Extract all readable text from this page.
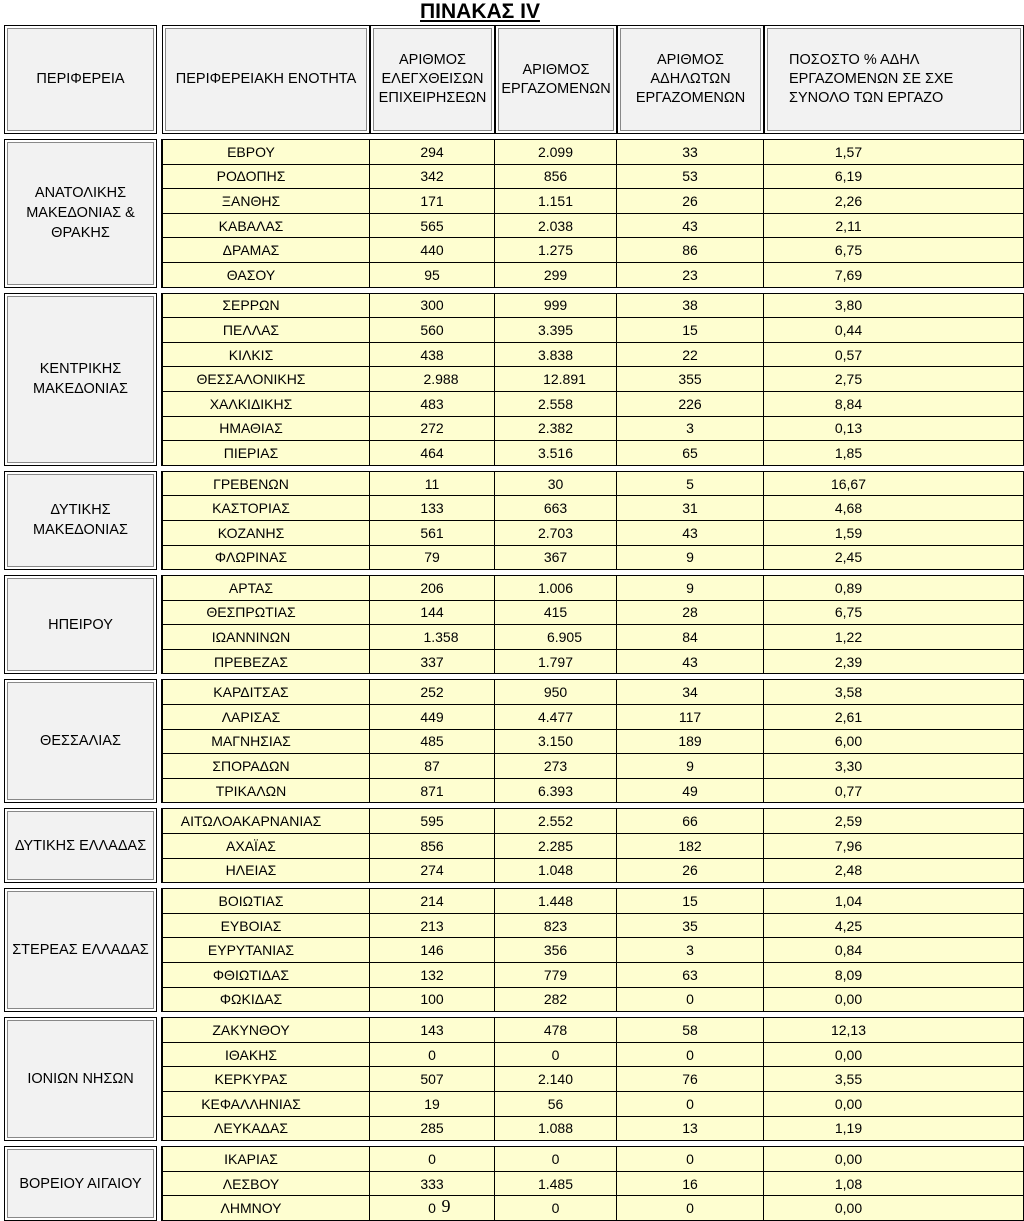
ΠΙΝΑΚΑΣ IV
ΠΕΡΙΦΕΡΕΙΑ		ΠΕΡΙΦΕΡΕΙΑΚΗ ΕΝΟΤΗΤΑ	ΑΡΙΘΜΟΣ ΕΛΕΓΧΘΕΙΣΩΝ ΕΠΙΧΕΙΡΗΣΕΩΝ	ΑΡΙΘΜΟΣ ΕΡΓΑΖΟΜΕΝΩΝ	ΑΡΙΘΜΟΣ ΑΔΗΛΩΤΩΝ ΕΡΓΑΖΟΜΕΝΩΝ	ΠΟΣΟΣΤΟ % ΑΔΗΛ
ΕΡΓΑΖΟΜΕΝΩΝ ΣΕ ΣΧΕ
ΣΥΝΟΛΟ ΤΩΝ ΕΡΓΑΖΟ

ΑΝΑΤΟΛΙΚΗΣ ΜΑΚΕΔΟΝΙΑΣ & ΘΡΑΚΗΣ		ΕΒΡΟΥ	294	2.099	33	1,57

		ΡΟΔΟΠΗΣ	342	856	53	6,19

		ΞΑΝΘΗΣ	171	1.151	26	2,26

		ΚΑΒΑΛΑΣ	565	2.038	43	2,11

		ΔΡΑΜΑΣ	440	1.275	86	6,75

		ΘΑΣΟΥ	95	299	23	7,69

ΚΕΝΤΡΙΚΗΣ ΜΑΚΕΔΟΝΙΑΣ		ΣΕΡΡΩΝ	300	999	38	3,80

		ΠΕΛΛΑΣ	560	3.395	15	0,44

		ΚΙΛΚΙΣ	438	3.838	22	0,57

		ΘΕΣΣΑΛΟΝΙΚΗΣ	2.988	12.891	355	2,75

		ΧΑΛΚΙΔΙΚΗΣ	483	2.558	226	8,84

		ΗΜΑΘΙΑΣ	272	2.382	3	0,13

		ΠΙΕΡΙΑΣ	464	3.516	65	1,85

ΔΥΤΙΚΗΣ ΜΑΚΕΔΟΝΙΑΣ		ΓΡΕΒΕΝΩΝ	11	30	5	16,67

		ΚΑΣΤΟΡΙΑΣ	133	663	31	4,68

		ΚΟΖΑΝΗΣ	561	2.703	43	1,59

		ΦΛΩΡΙΝΑΣ	79	367	9	2,45

ΗΠΕΙΡΟΥ		ΑΡΤΑΣ	206	1.006	9	0,89

		ΘΕΣΠΡΩΤΙΑΣ	144	415	28	6,75

		ΙΩΑΝΝΙΝΩΝ	1.358	6.905	84	1,22

		ΠΡΕΒΕΖΑΣ	337	1.797	43	2,39

ΘΕΣΣΑΛΙΑΣ		ΚΑΡΔΙΤΣΑΣ	252	950	34	3,58

		ΛΑΡΙΣΑΣ	449	4.477	117	2,61

		ΜΑΓΝΗΣΙΑΣ	485	3.150	189	6,00

		ΣΠΟΡΑΔΩΝ	87	273	9	3,30

		ΤΡΙΚΑΛΩΝ	871	6.393	49	0,77

ΔΥΤΙΚΗΣ ΕΛΛΑΔΑΣ		ΑΙΤΩΛΟΑΚΑΡΝΑΝΙΑΣ	595	2.552	66	2,59

		ΑΧΑΪΑΣ	856	2.285	182	7,96

		ΗΛΕΙΑΣ	274	1.048	26	2,48

ΣΤΕΡΕΑΣ ΕΛΛΑΔΑΣ		ΒΟΙΩΤΙΑΣ	214	1.448	15	1,04

		ΕΥΒΟΙΑΣ	213	823	35	4,25

		ΕΥΡΥΤΑΝΙΑΣ	146	356	3	0,84

		ΦΘΙΩΤΙΔΑΣ	132	779	63	8,09

		ΦΩΚΙΔΑΣ	100	282	0	0,00

ΙΟΝΙΩΝ ΝΗΣΩΝ		ΖΑΚΥΝΘΟΥ	143	478	58	12,13

		ΙΘΑΚΗΣ	0	0	0	0,00

		ΚΕΡΚΥΡΑΣ	507	2.140	76	3,55

		ΚΕΦΑΛΛΗΝΙΑΣ	19	56	0	0,00

		ΛΕΥΚΑΔΑΣ	285	1.088	13	1,19

ΒΟΡΕΙΟΥ ΑΙΓΑΙΟΥ		ΙΚΑΡΙΑΣ	0	0	0	0,00

		ΛΕΣΒΟΥ	333	1.485	16	1,08

		ΛΗΜΝΟΥ	0	0	0	0,00
9
